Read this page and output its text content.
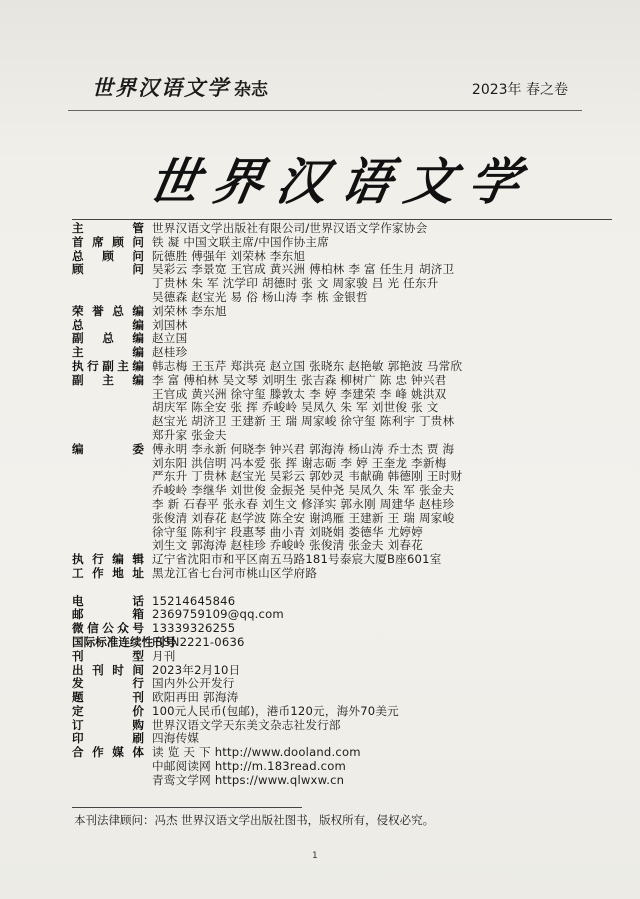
世界汉语文学 杂志	2023年 春之卷
世界汉语文学
主管 世界汉语文学出版社有限公司/世界汉语文学作家协会
首席顾问 铁 凝 中国文联主席/中国作协主席
总顾问 阮德胜 傅强年 刘荣林 李东旭
顾问 吴彩云 李景宽 王官成 黄兴洲 傅柏林 李 富 任生月 胡济卫
丁贵林 朱 军 沈学印 胡德时 张 文 周家骏 吕 光 任东升
吴德森 赵宝光 易 俗 杨山涛 李 栋 金银哲
荣誉总编 刘荣林 李东旭
总编 刘国林
副总编 赵立国
主编 赵桂珍
执行副主编 韩志梅 王玉芹 郑洪亮 赵立国 张晓东 赵艳敏 郭艳波 马常欣
副主编 李 富 傅柏林 吴文琴 刘明生 张吉森 柳树广 陈 忠 钟兴君
王官成 黄兴洲 徐守玺 滕敦太 李 婷 李建荣 李 峰 姚洪双
胡庆军 陈全安 张 挥 乔峻岭 吴凤久 朱 军 刘世俊 张 文
赵宝光 胡济卫 王建新 王 瑞 周家峻 徐守玺 陈利宇 丁贵林
郑升家 张金夫
编委 傅永明 李永新 何晓李 钟兴君 郭海涛 杨山涛 乔士杰 贾 海
刘东阳 洪信明 冯本爱 张 挥 谢志砺 李 婷 王奎龙 李新梅
严东升 丁贵林 赵宝光 吴彩云 郭妙灵 韦献确 韩德刚 王时财
乔峻岭 李继华 刘世俊 金振尧 吴仲尧 吴凤久 朱 军 张金夫
李 新 石春平 张永春 刘生文 修泽实 郭永刚 周建华 赵桂珍
张俊清 刘春花 赵学波 陈全安 谢鸿雁 王建新 王 瑞 周家峻
徐守玺 陈利宇 段惠琴 曲小青 刘晓娟 娄德华 尤婷婷
刘生文 郭海涛 赵桂珍 乔峻岭 张俊清 张金夫 刘春花
执行编辑 辽宁省沈阳市和平区南五马路181号泰宸大厦B座601室
工作地址 黑龙江省七台河市桃山区学府路
电话 15214645846
邮箱 2369759109@qq.com
微信公众号 13339326255
国际标准连续性刊号
ISSN2221-0636
刊型 月刊
出刊时间 2023年2月10日
发行 国内外公开发行
题刊 欧阳再田 郭海涛
定价 100元人民币(包邮)，港币120元，海外70美元
订购 世界汉语文学天东美文杂志社发行部
印刷 四海传媒
合作媒体 读 览 天 下 http://www.dooland.com
中邮阅读网 http://m.183read.com
青鸾文学网 https://www.qlwxw.cn
本刊法律顾问：冯杰 世界汉语文学出版社图书，版权所有，侵权必究。
1
